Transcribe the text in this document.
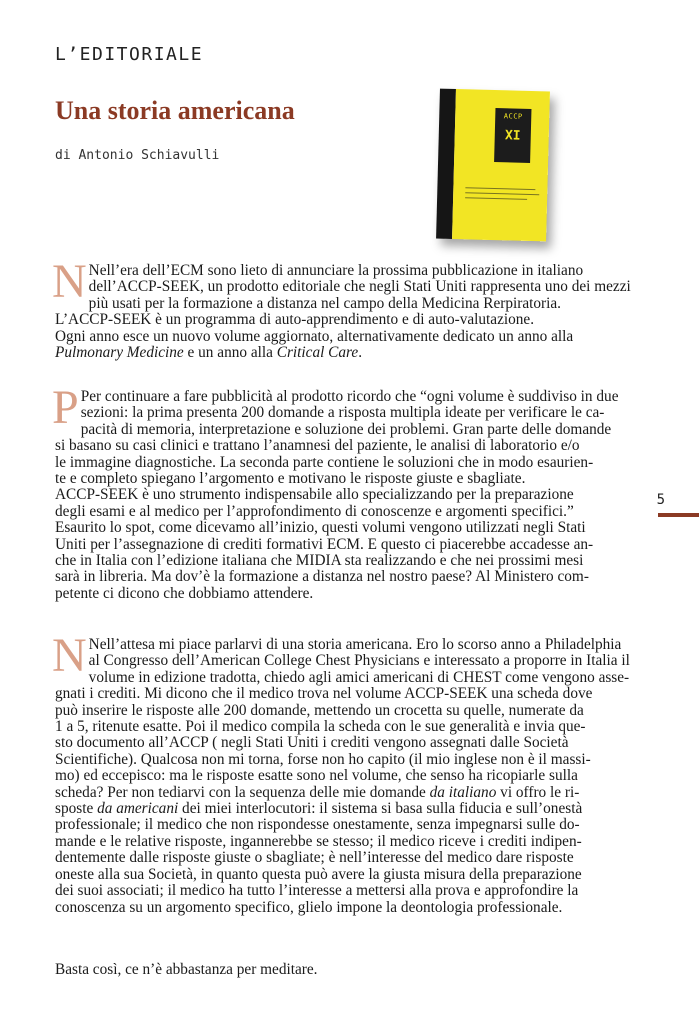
L’EDITORIALE
Una storia americana
di Antonio Schiavulli
ACCP
XI
5

N Nell’era dell’ECM sono lieto di annunciare la prossima pubblicazione in italiano
dell’ACCP-SEEK, un prodotto editoriale che negli Stati Uniti rappresenta uno dei mezzi
più usati per la formazione a distanza nel campo della Medicina Rerpiratoria.
L’ACCP-SEEK è un programma di auto-apprendimento e di auto-valutazione.
Ogni anno esce un nuovo volume aggiornato, alternativamente dedicato un anno alla
Pulmonary Medicine e un anno alla Critical Care.

P Per continuare a fare pubblicità al prodotto ricordo che “ogni volume è suddiviso in due
sezioni: la prima presenta 200 domande a risposta multipla ideate per verificare le ca-
pacità di memoria, interpretazione e soluzione dei problemi. Gran parte delle domande
si basano su casi clinici e trattano l’anamnesi del paziente, le analisi di laboratorio e/o
le immagine diagnostiche. La seconda parte contiene le soluzioni che in modo esaurien-
te e completo spiegano l’argomento e motivano le risposte giuste e sbagliate.
ACCP-SEEK è uno strumento indispensabile allo specializzando per la preparazione
degli esami e al medico per l’approfondimento di conoscenze e argomenti specifici.”
Esaurito lo spot, come dicevamo all’inizio, questi volumi vengono utilizzati negli Stati
Uniti per l’assegnazione di crediti formativi ECM. E questo ci piacerebbe accadesse an-
che in Italia con l’edizione italiana che MIDIA sta realizzando e che nei prossimi mesi
sarà in libreria. Ma dov’è la formazione a distanza nel nostro paese? Al Ministero com-
petente ci dicono che dobbiamo attendere.

N Nell’attesa mi piace parlarvi di una storia americana. Ero lo scorso anno a Philadelphia
al Congresso dell’American College Chest Physicians e interessato a proporre in Italia il
volume in edizione tradotta, chiedo agli amici americani di CHEST come vengono asse-
gnati i crediti. Mi dicono che il medico trova nel volume ACCP-SEEK una scheda dove
può inserire le risposte alle 200 domande, mettendo un crocetta su quelle, numerate da
1 a 5, ritenute esatte. Poi il medico compila la scheda con le sue generalità e invia que-
sto documento all’ACCP ( negli Stati Uniti i crediti vengono assegnati dalle Società
Scientifiche). Qualcosa non mi torna, forse non ho capito (il mio inglese non è il massi-
mo) ed eccepisco: ma le risposte esatte sono nel volume, che senso ha ricopiarle sulla
scheda? Per non tediarvi con la sequenza delle mie domande da italiano vi offro le ri-
sposte da americani dei miei interlocutori: il sistema si basa sulla fiducia e sull’onestà
professionale; il medico che non rispondesse onestamente, senza impegnarsi sulle do-
mande e le relative risposte, ingannerebbe se stesso; il medico riceve i crediti indipen-
dentemente dalle risposte giuste o sbagliate; è nell’interesse del medico dare risposte
oneste alla sua Società, in quanto questa può avere la giusta misura della preparazione
dei suoi associati; il medico ha tutto l’interesse a mettersi alla prova e approfondire la
conoscenza su un argomento specifico, glielo impone la deontologia professionale.

Basta così, ce n’è abbastanza per meditare.
